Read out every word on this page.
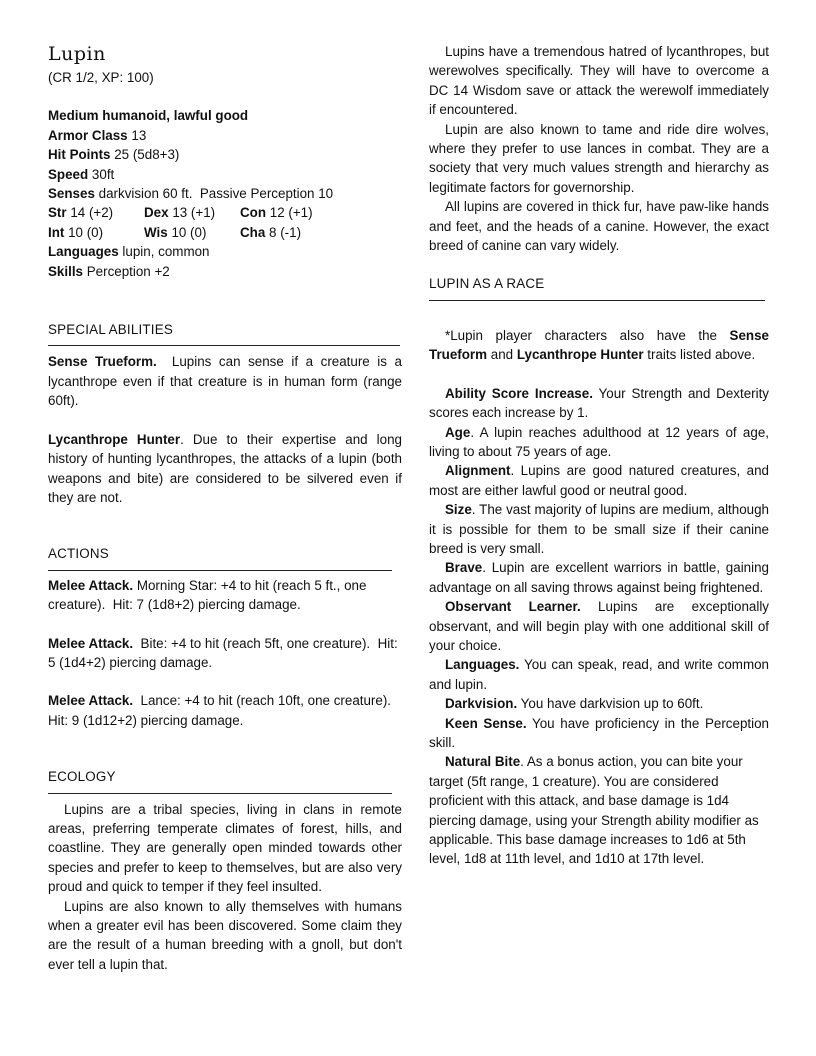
Lupin

(CR 1/2, XP: 100)

Medium humanoid, lawful good

Armor Class 13

Hit Points 25 (5d8+3)

Speed 30ft

Senses darkvision 60 ft.  Passive Perception 10

Str 14 (+2)	Dex 13 (+1)	Con 12 (+1)
Int 10 (0)	Wis 10 (0)	Cha 8 (-1)

Languages lupin, common

Skills Perception +2

SPECIAL ABILITIES

Sense Trueform. Lupins can sense if a creature is a lycanthrope even if that creature is in human form (range 60ft).

Lycanthrope Hunter. Due to their expertise and long history of hunting lycanthropes, the attacks of a lupin (both weapons and bite) are considered to be silvered even if they are not.

ACTIONS

Melee Attack. Morning Star: +4 to hit (reach 5 ft., one creature).  Hit: 7 (1d8+2) piercing damage.

Melee Attack.  Bite: +4 to hit (reach 5ft, one creature).  Hit: 5 (1d4+2) piercing damage.

Melee Attack.  Lance: +4 to hit (reach 10ft, one creature).  Hit: 9 (1d12+2) piercing damage.

ECOLOGY

Lupins are a tribal species, living in clans in remote areas, preferring temperate climates of forest, hills, and coastline. They are generally open minded towards other species and prefer to keep to themselves, but are also very proud and quick to temper if they feel insulted.

Lupins are also known to ally themselves with humans when a greater evil has been discovered. Some claim they are the result of a human breeding with a gnoll, but don't ever tell a lupin that.

Lupins have a tremendous hatred of lycanthropes, but werewolves specifically. They will have to overcome a DC 14 Wisdom save or attack the werewolf immediately if encountered.

Lupin are also known to tame and ride dire wolves, where they prefer to use lances in combat. They are a society that very much values strength and hierarchy as legitimate factors for governorship.

All lupins are covered in thick fur, have paw-like hands and feet, and the heads of a canine. However, the exact breed of canine can vary widely.

LUPIN AS A RACE

*Lupin player characters also have the Sense Trueform and Lycanthrope Hunter traits listed above.

Ability Score Increase. Your Strength and Dexterity scores each increase by 1.

Age. A lupin reaches adulthood at 12 years of age, living to about 75 years of age.

Alignment. Lupins are good natured creatures, and most are either lawful good or neutral good.

Size. The vast majority of lupins are medium, although it is possible for them to be small size if their canine breed is very small.

Brave. Lupin are excellent warriors in battle, gaining advantage on all saving throws against being frightened.

Observant Learner. Lupins are exceptionally observant, and will begin play with one additional skill of your choice.

Languages. You can speak, read, and write common and lupin.

Darkvision. You have darkvision up to 60ft.

Keen Sense. You have proficiency in the Perception skill.

Natural Bite. As a bonus action, you can bite your target (5ft range, 1 creature). You are considered proficient with this attack, and base damage is 1d4 piercing damage, using your Strength ability modifier as applicable. This base damage increases to 1d6 at 5th level, 1d8 at 11th level, and 1d10 at 17th level.
